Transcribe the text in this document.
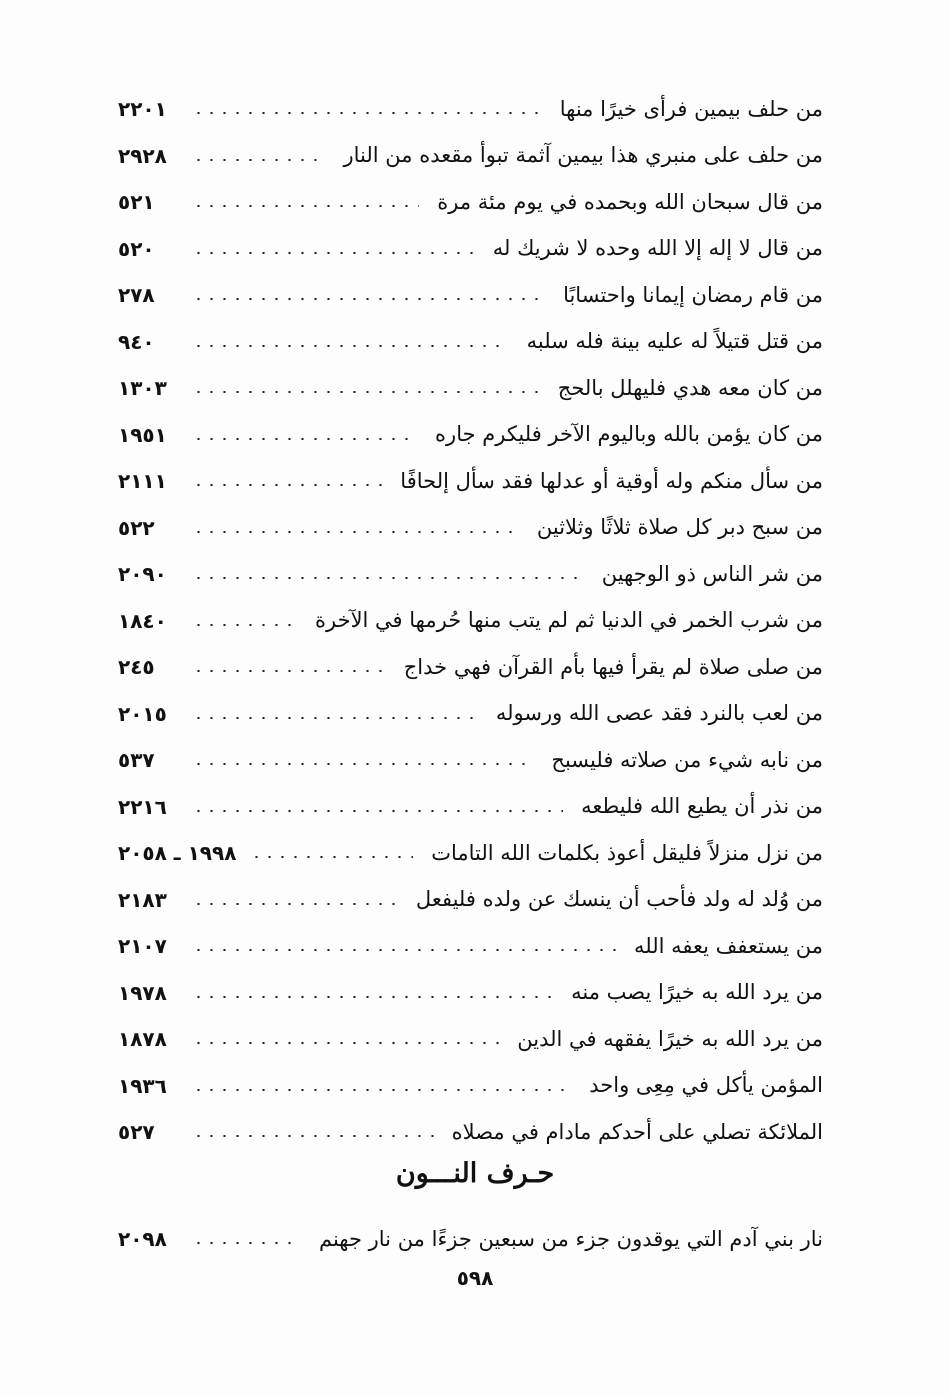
من حلف بيمين فرأى خيرًا منها
٢٢٠١
من حلف على منبري هذا بيمين آثمة تبوأ مقعده من النار
٢٩٢٨
من قال سبحان الله وبحمده في يوم مئة مرة
٥٢١
من قال لا إله إلا الله وحده لا شريك له
٥٢٠
من قام رمضان إيمانا واحتسابًا
٢٧٨
من قتل قتيلاً له عليه بينة فله سلبه
٩٤٠
من كان معه هدي فليهلل بالحج
١٣٠٣
من كان يؤمن بالله وباليوم الآخر فليكرم جاره
١٩٥١
من سأل منكم وله أوقية أو عدلها فقد سأل إلحافًا
٢١١١
من سبح دبر كل صلاة ثلاثًا وثلاثين
٥٢٢
من شر الناس ذو الوجهين
٢٠٩٠
من شرب الخمر في الدنيا ثم لم يتب منها حُرمها في الآخرة
١٨٤٠
من صلى صلاة لم يقرأ فيها بأم القرآن فهي خداج
٢٤٥
من لعب بالنرد فقد عصى الله ورسوله
٢٠١٥
من نابه شيء من صلاته فليسبح
٥٣٧
من نذر أن يطيع الله فليطعه
٢٢١٦
من نزل منزلاً فليقل أعوذ بكلمات الله التامات
١٩٩٨ ـ ٢٠٥٨
من وُلد له ولد فأحب أن ينسك عن ولده فليفعل
٢١٨٣
من يستعفف يعفه الله
٢١٠٧
من يرد الله به خيرًا يصب منه
١٩٧٨
من يرد الله به خيرًا يفقهه في الدين
١٨٧٨
المؤمن يأكل في مِعِى واحد
١٩٣٦
الملائكة تصلي على أحدكم مادام في مصلاه
٥٢٧
حـرف النـــون
نار بني آدم التي يوقدون جزء من سبعين جزءًا من نار جهنم
٢٠٩٨
٥٩٨
